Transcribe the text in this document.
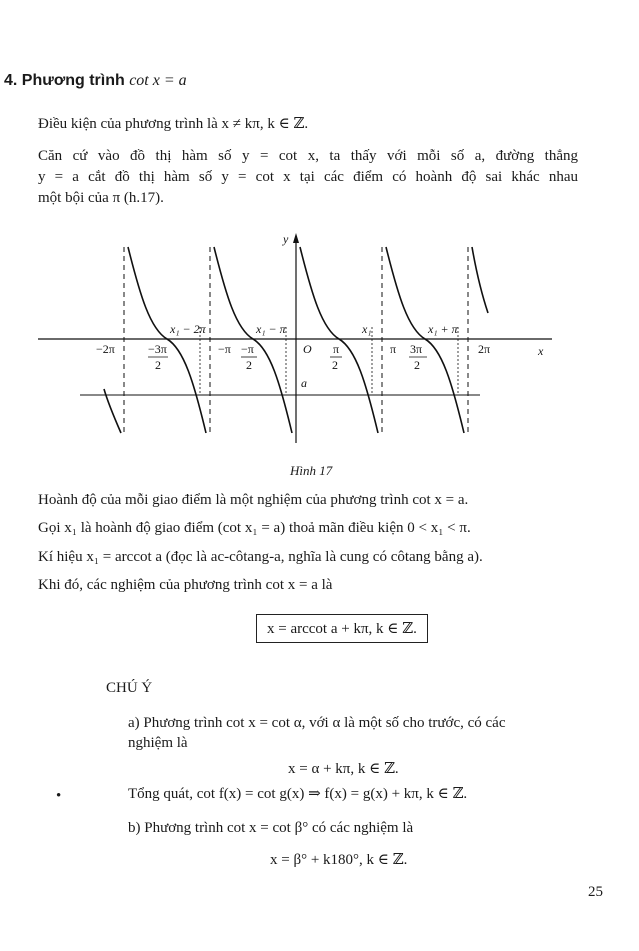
4. Phương trình cot x = a
Điều kiện của phương trình là x ≠ kπ, k ∈ ℤ.
Căn cứ vào đồ thị hàm số y = cot x, ta thấy với mỗi số a, đường thẳng
y = a cắt đồ thị hàm số y = cot x tại các điểm có hoành độ sai khác nhau
một bội của π (h.17).
y
x
O
a
−2π	−3π
2
−π −π
2
π
2
π 3π
2
2π
x₁ − 2π	x₁ − π	x₁	x₁ + π
Hình 17
Hoành độ của mỗi giao điểm là một nghiệm của phương trình cot x = a.
Gọi x₁ là hoành độ giao điểm (cot x₁ = a) thoả mãn điều kiện 0 < x₁ < π.
Kí hiệu x₁ = arccot a (đọc là ac-côtang-a, nghĩa là cung có côtang bằng a).
Khi đó, các nghiệm của phương trình cot x = a là
x = arccot a + kπ, k ∈ ℤ.
CHÚ Ý
a) Phương trình cot x = cot α, với α là một số cho trước, có các
nghiệm là
x = α + kπ, k ∈ ℤ.
•	Tổng quát, cot f(x) = cot g(x) ⇒ f(x) = g(x) + kπ, k ∈ ℤ.
b) Phương trình cot x = cot β° có các nghiệm là
x = β° + k180°, k ∈ ℤ.
25
